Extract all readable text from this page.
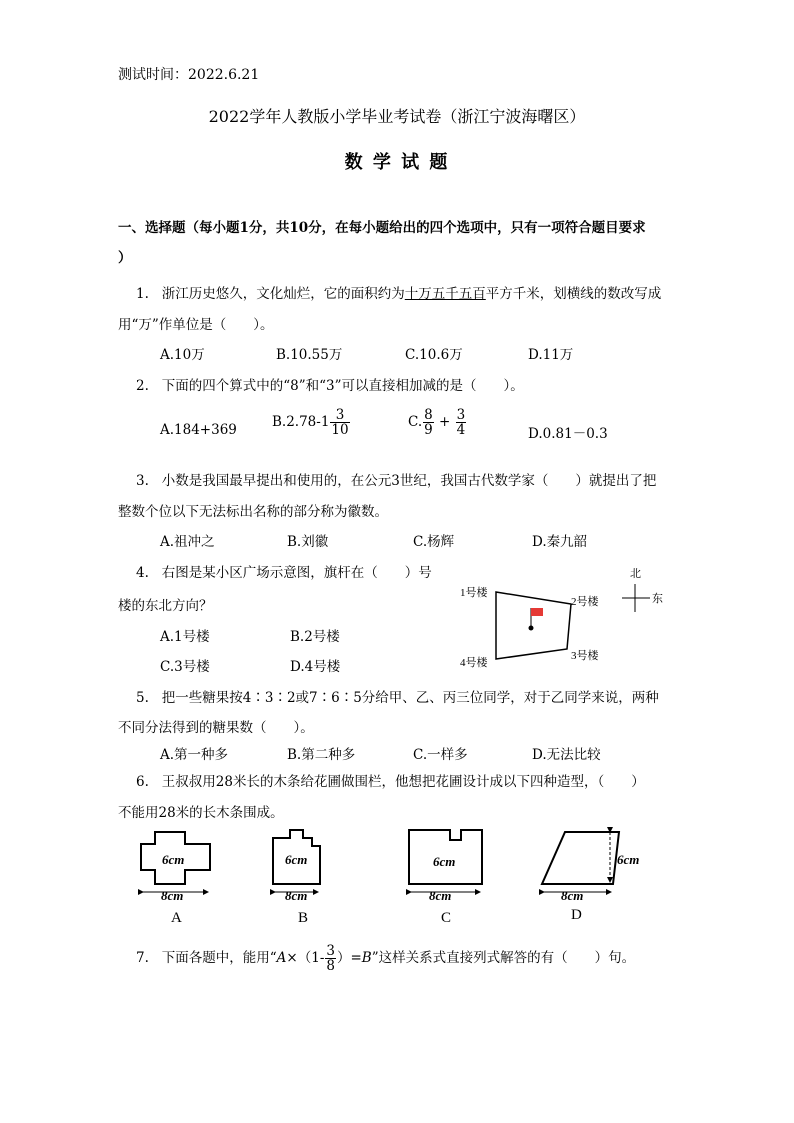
测试时间：2022.6.21
2022学年人教版小学毕业考试卷（浙江宁波海曙区）
数 学 试 题
一、选择题（每小题1分，共10分，在每小题给出的四个选项中，只有一项符合题目要求
）
1. 浙江历史悠久，文化灿烂，它的面积约为十万五千五百平方千米，划横线的数改写成
用“万”作单位是（　　）。
A.10万	B.10.55万	C.10.6万	D.11万
2. 下面的四个算式中的“8”和“3”可以直接相加减的是（　　）。
A.184+369	$B.2.78-1 \frac{3}{10}$	C. $\frac{8}{9} + \frac{3}{4}$	D.0.81－0.3
3. 小数是我国最早提出和使用的，在公元3世纪，我国古代数学家（　　）就提出了把
整数个位以下无法标出名称的部分称为徽数。
A.祖冲之	B.刘徽	C.杨辉	D.秦九韶
4. 右图是某小区广场示意图，旗杆在（　　）号
楼的东北方向？
A.1号楼	B.2号楼
C.3号楼	D.4号楼
1号楼
2号楼
3号楼
4号楼
北
东
5. 把一些糖果按4∶3∶2或7∶6∶5分给甲、乙、丙三位同学，对于乙同学来说，两种
不同分法得到的糖果数（　　）。
A.第一种多	B.第二种多	C.一样多	D.无法比较
6. 王叔叔用28米长的木条给花圃做围栏，他想把花圃设计成以下四种造型，（　　）
不能用28米的长木条围成。
6cm
8cm
A
6cm
8cm
B
6cm
8cm
C
6cm
8cm
D
7. 下面各题中，能用“$A\times(1- \frac{3}{8} )=B$”这样关系式直接列式解答的有（　　）句。
